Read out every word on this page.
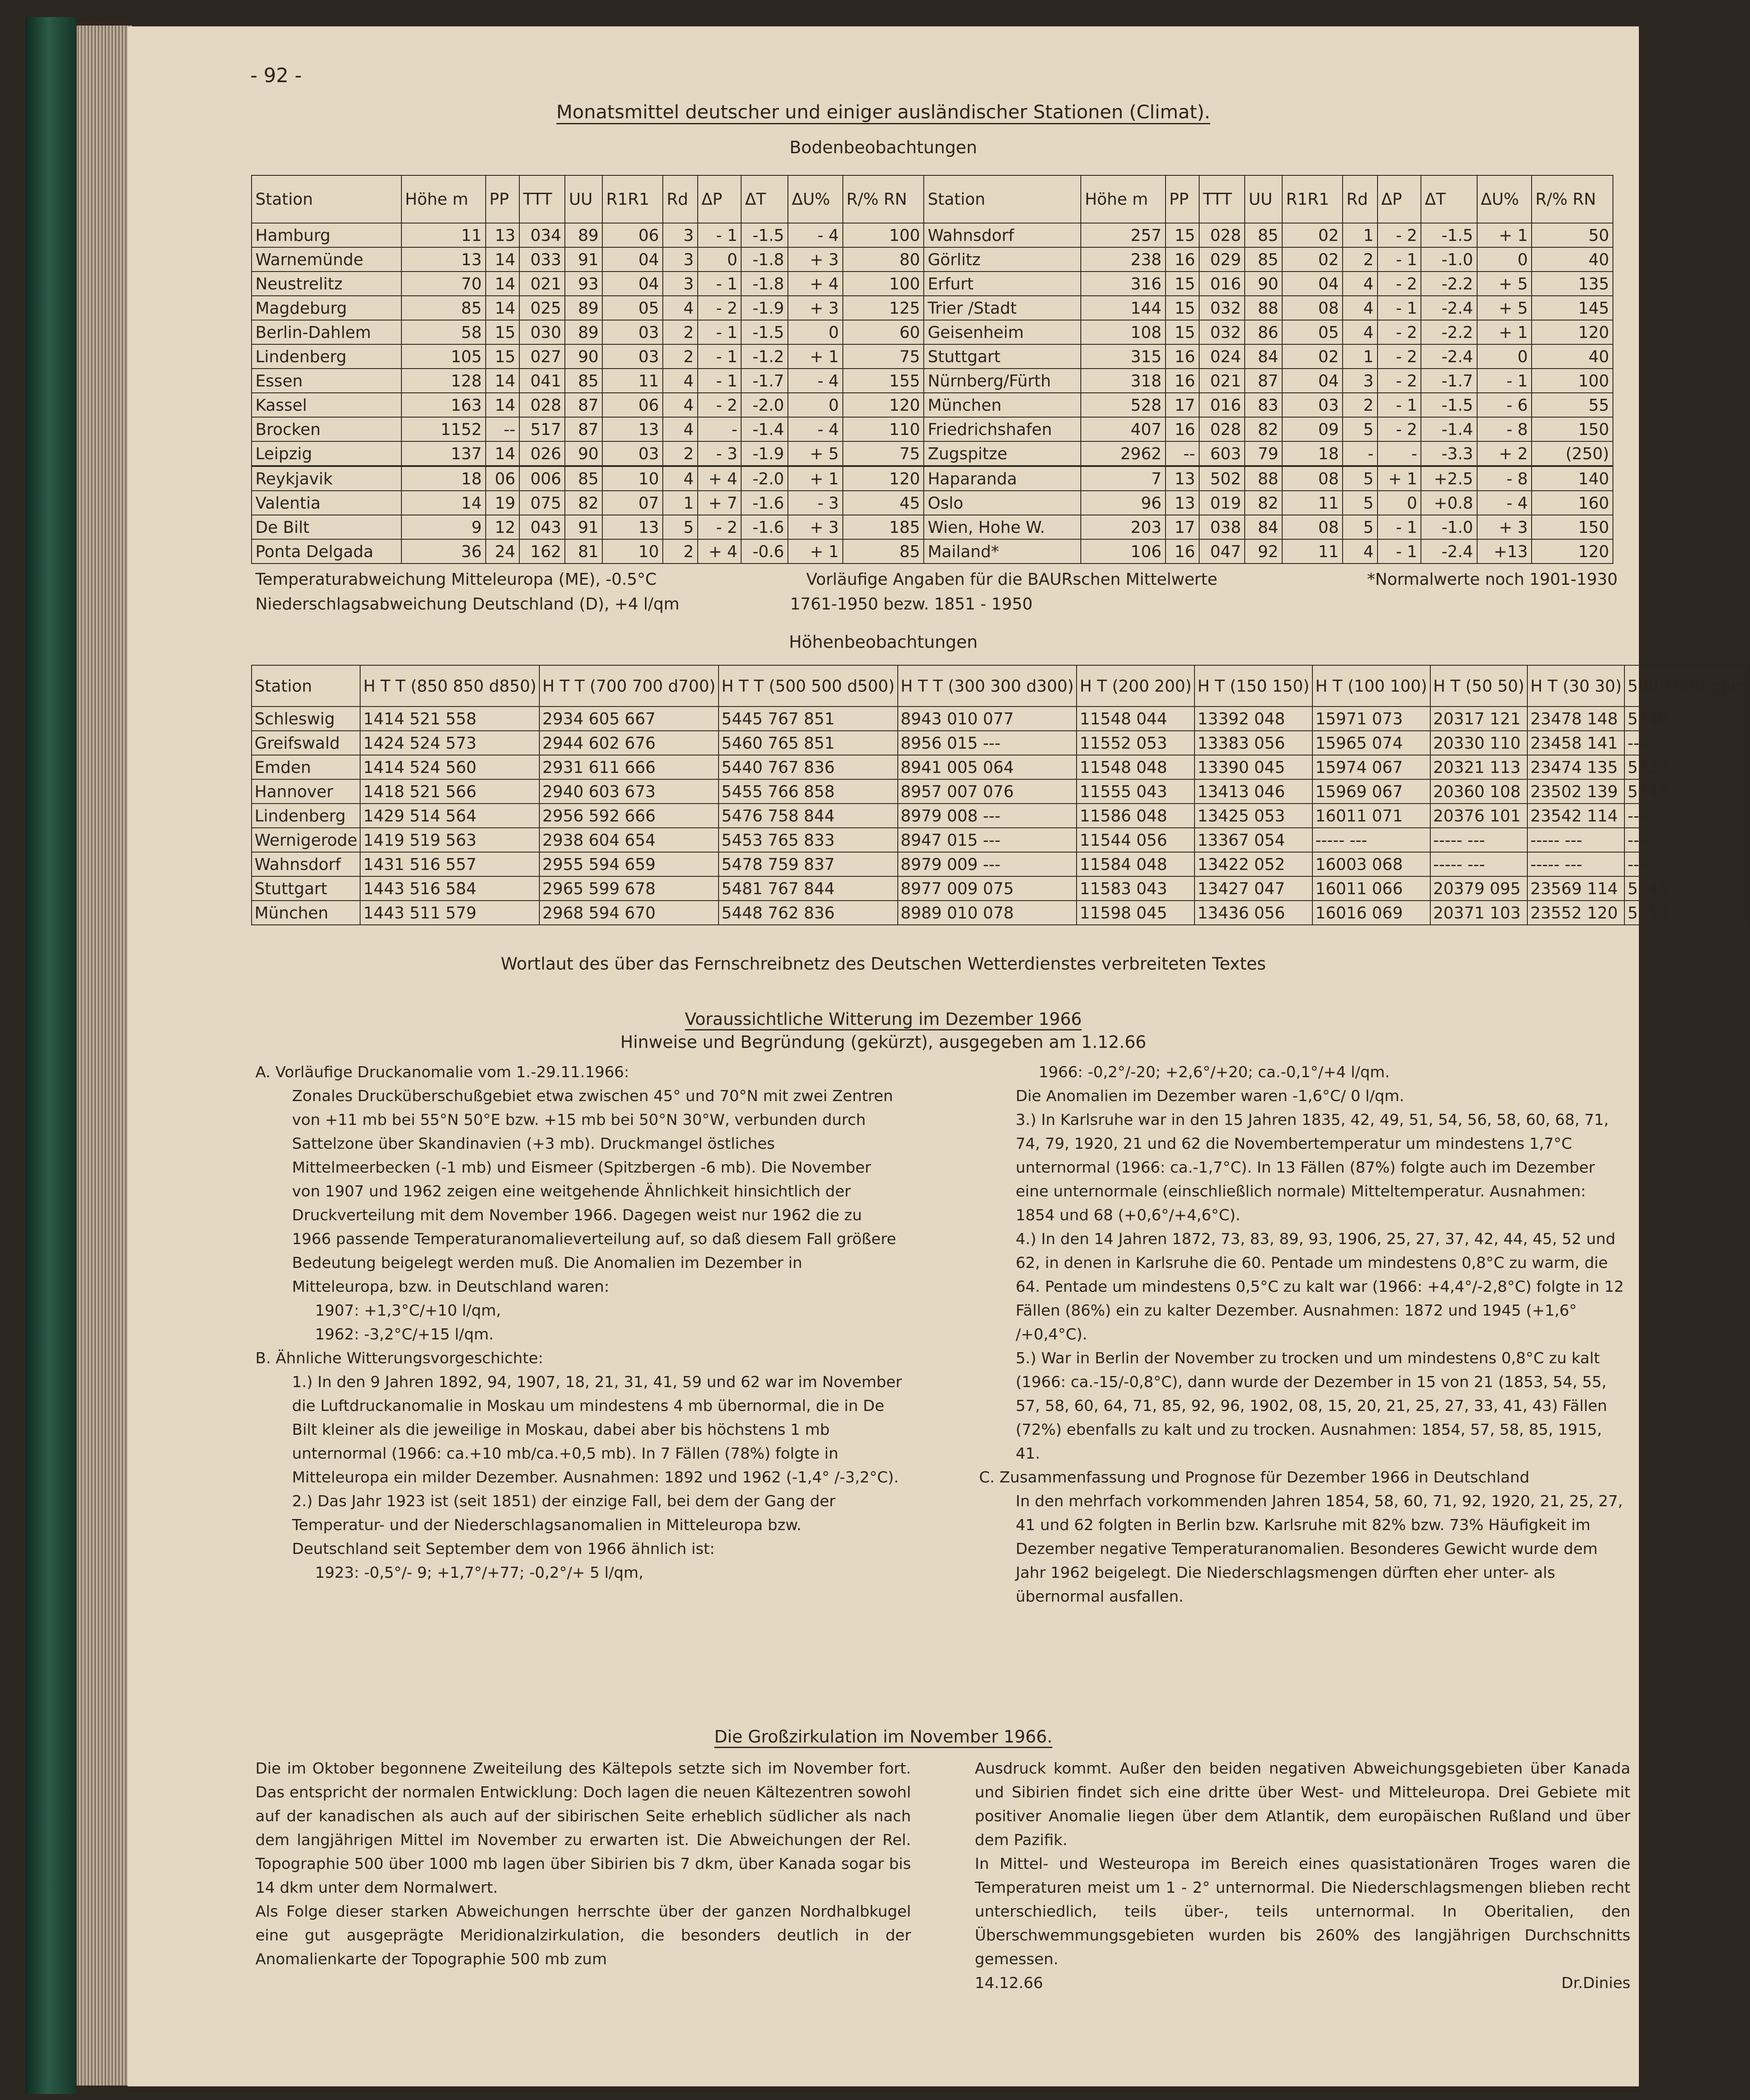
- 92 -
Monatsmittel deutscher und einiger ausländischer Stationen (Climat).
Bodenbeobachtungen
Station	Höhe m	PP	TTT	UU	R1R1	Rd	ΔP	ΔT	ΔU%	R/% RN	Station	Höhe m	PP	TTT	UU	R1R1	Rd	ΔP	ΔT	ΔU%	R/% RN
Hamburg	11	13	034	89	06	3	- 1	-1.5	- 4	100	Wahnsdorf	257	15	028	85	02	1	- 2	-1.5	+ 1	50
Warnemünde	13	14	033	91	04	3	0	-1.8	+ 3	80	Görlitz	238	16	029	85	02	2	- 1	-1.0	0	40
Neustrelitz	70	14	021	93	04	3	- 1	-1.8	+ 4	100	Erfurt	316	15	016	90	04	4	- 2	-2.2	+ 5	135
Magdeburg	85	14	025	89	05	4	- 2	-1.9	+ 3	125	Trier /Stadt	144	15	032	88	08	4	- 1	-2.4	+ 5	145
Berlin-Dahlem	58	15	030	89	03	2	- 1	-1.5	0	60	Geisenheim	108	15	032	86	05	4	- 2	-2.2	+ 1	120
Lindenberg	105	15	027	90	03	2	- 1	-1.2	+ 1	75	Stuttgart	315	16	024	84	02	1	- 2	-2.4	0	40
Essen	128	14	041	85	11	4	- 1	-1.7	- 4	155	Nürnberg/Fürth	318	16	021	87	04	3	- 2	-1.7	- 1	100
Kassel	163	14	028	87	06	4	- 2	-2.0	0	120	München	528	17	016	83	03	2	- 1	-1.5	- 6	55
Brocken	1152	--	517	87	13	4	-	-1.4	- 4	110	Friedrichshafen	407	16	028	82	09	5	- 2	-1.4	- 8	150
Leipzig	137	14	026	90	03	2	- 3	-1.9	+ 5	75	Zugspitze	2962	--	603	79	18	-	-	-3.3	+ 2	(250)
Reykjavik	18	06	006	85	10	4	+ 4	-2.0	+ 1	120	Haparanda	7	13	502	88	08	5	+ 1	+2.5	- 8	140
Valentia	14	19	075	82	07	1	+ 7	-1.6	- 3	45	Oslo	96	13	019	82	11	5	0	+0.8	- 4	160
De Bilt	9	12	043	91	13	5	- 2	-1.6	+ 3	185	Wien, Hohe W.	203	17	038	84	08	5	- 1	-1.0	+ 3	150
Ponta Delgada	36	24	162	81	10	2	+ 4	-0.6	+ 1	85	Mailand*	106	16	047	92	11	4	- 1	-2.4	+13	120
Temperaturabweichung Mitteleuropa (ME), -0.5°C	Vorläufige Angaben für die BAURschen Mittelwerte	*Normalwerte noch 1901-1930
Niederschlagsabweichung Deutschland (D), +4 l/qm	1761-1950 bezw. 1851 - 1950
Höhenbeobachtungen
Station	H T T (850 850 d850)	H T T (700 700 d700)	H T T (500 500 d500)	H T T (300 300 d300)	H T (200 200)	H T (150 150)	H T (100 100)	H T (50 50)	H T (30 30)	500/1000 gpm
Schleswig	1414 521 558	2934 605 667	5445 767 851	8943 010 077	11548 044	13392 048	15971 073	20317 121	23478 148	5340
Greifswald	1424 524 573	2944 602 676	5460 765 851	8956 015 ---	11552 053	13383 056	15965 074	20330 110	23458 141	----
Emden	1414 524 560	2931 611 666	5440 767 836	8941 005 064	11548 048	13390 045	15974 067	20321 113	23474 135	5336
Hannover	1418 521 566	2940 603 673	5455 766 858	8957 007 076	11555 043	13413 046	15969 067	20360 108	23502 139	5345
Lindenberg	1429 514 564	2956 592 666	5476 758 844	8979 008 ---	11586 048	13425 053	16011 071	20376 101	23542 114	----
Wernigerode	1419 519 563	2938 604 654	5453 765 833	8947 015 ---	11544 056	13367 054	----- ---	----- ---	----- ---	----
Wahnsdorf	1431 516 557	2955 594 659	5478 759 837	8979 009 ---	11584 048	13422 052	16003 068	----- ---	----- ---	----
Stuttgart	1443 516 584	2965 599 678	5481 767 844	8977 009 075	11583 043	13427 047	16011 066	20379 095	23569 114	5346
München	1443 511 579	2968 594 670	5448 762 836	8989 010 078	11598 045	13436 056	16016 069	20371 103	23552 120	5313
Wortlaut des über das Fernschreibnetz des Deutschen Wetterdienstes verbreiteten Textes
Voraussichtliche Witterung im Dezember 1966
Hinweise und Begründung (gekürzt), ausgegeben am 1.12.66

A. Vorläufige Druckanomalie vom 1.-29.11.1966:

Zonales Drucküberschußgebiet etwa zwischen 45° und 70°N mit zwei Zentren von +11 mb bei 55°N 50°E bzw. +15 mb bei 50°N 30°W, verbunden durch Sattelzone über Skandinavien (+3 mb). Druckmangel östliches Mittelmeerbecken (-1 mb) und Eismeer (Spitzbergen -6 mb). Die November von 1907 und 1962 zeigen eine weitgehende Ähnlichkeit hinsichtlich der Druckverteilung mit dem November 1966. Dagegen weist nur 1962 die zu 1966 passende Temperaturanomalieverteilung auf, so daß diesem Fall größere Bedeutung beigelegt werden muß. Die Anomalien im Dezember in Mitteleuropa, bzw. in Deutschland waren:

1907: +1,3°C/+10 l/qm,

1962: -3,2°C/+15 l/qm.

B. Ähnliche Witterungsvorgeschichte:

1.) In den 9 Jahren 1892, 94, 1907, 18, 21, 31, 41, 59 und 62 war im November die Luftdruckanomalie in Moskau um mindestens 4 mb übernormal, die in De Bilt kleiner als die jeweilige in Moskau, dabei aber bis höchstens 1 mb unternormal (1966: ca.+10 mb/ca.+0,5 mb). In 7 Fällen (78%) folgte in Mitteleuropa ein milder Dezember. Ausnahmen: 1892 und 1962 (-1,4° /-3,2°C).

2.) Das Jahr 1923 ist (seit 1851) der einzige Fall, bei dem der Gang der Temperatur- und der Niederschlagsanomalien in Mitteleuropa bzw. Deutschland seit September dem von 1966 ähnlich ist:

1923: -0,5°/- 9; +1,7°/+77; -0,2°/+ 5 l/qm,

1966: -0,2°/-20; +2,6°/+20; ca.-0,1°/+4 l/qm.

Die Anomalien im Dezember waren -1,6°C/ 0 l/qm.

3.) In Karlsruhe war in den 15 Jahren 1835, 42, 49, 51, 54, 56, 58, 60, 68, 71, 74, 79, 1920, 21 und 62 die Novembertemperatur um mindestens 1,7°C unternormal (1966: ca.-1,7°C). In 13 Fällen (87%) folgte auch im Dezember eine unternormale (einschließlich normale) Mitteltemperatur. Ausnahmen: 1854 und 68 (+0,6°/+4,6°C).

4.) In den 14 Jahren 1872, 73, 83, 89, 93, 1906, 25, 27, 37, 42, 44, 45, 52 und 62, in denen in Karlsruhe die 60. Pentade um mindestens 0,8°C zu warm, die 64. Pentade um mindestens 0,5°C zu kalt war (1966: +4,4°/-2,8°C) folgte in 12 Fällen (86%) ein zu kalter Dezember. Ausnahmen: 1872 und 1945 (+1,6° /+0,4°C).

5.) War in Berlin der November zu trocken und um mindestens 0,8°C zu kalt (1966: ca.-15/-0,8°C), dann wurde der Dezember in 15 von 21 (1853, 54, 55, 57, 58, 60, 64, 71, 85, 92, 96, 1902, 08, 15, 20, 21, 25, 27, 33, 41, 43) Fällen (72%) ebenfalls zu kalt und zu trocken. Ausnahmen: 1854, 57, 58, 85, 1915, 41.

C. Zusammenfassung und Prognose für Dezember 1966 in Deutschland

In den mehrfach vorkommenden Jahren 1854, 58, 60, 71, 92, 1920, 21, 25, 27, 41 und 62 folgten in Berlin bzw. Karlsruhe mit 82% bzw. 73% Häufigkeit im Dezember negative Temperaturanomalien. Besonderes Gewicht wurde dem Jahr 1962 beigelegt. Die Niederschlagsmengen dürften eher unter- als übernormal ausfallen.

Die Großzirkulation im November 1966.

Die im Oktober begonnene Zweiteilung des Kältepols setzte sich im November fort. Das entspricht der normalen Entwicklung: Doch lagen die neuen Kältezentren sowohl auf der kanadischen als auch auf der sibirischen Seite erheblich südlicher als nach dem langjährigen Mittel im November zu erwarten ist. Die Abweichungen der Rel. Topographie 500 über 1000 mb lagen über Sibirien bis 7 dkm, über Kanada sogar bis 14 dkm unter dem Normalwert.

Als Folge dieser starken Abweichungen herrschte über der ganzen Nordhalbkugel eine gut ausgeprägte Meridionalzirkulation, die besonders deutlich in der Anomalienkarte der Topographie 500 mb zum

Ausdruck kommt. Außer den beiden negativen Abweichungsgebieten über Kanada und Sibirien findet sich eine dritte über West- und Mitteleuropa. Drei Gebiete mit positiver Anomalie liegen über dem Atlantik, dem europäischen Rußland und über dem Pazifik.

In Mittel- und Westeuropa im Bereich eines quasistationären Troges waren die Temperaturen meist um 1 - 2° unternormal. Die Niederschlagsmengen blieben recht unterschiedlich, teils über-, teils unternormal. In Oberitalien, den Überschwemmungsgebieten wurden bis 260% des langjährigen Durchschnitts gemessen.

14.12.66	Dr.Dinies
